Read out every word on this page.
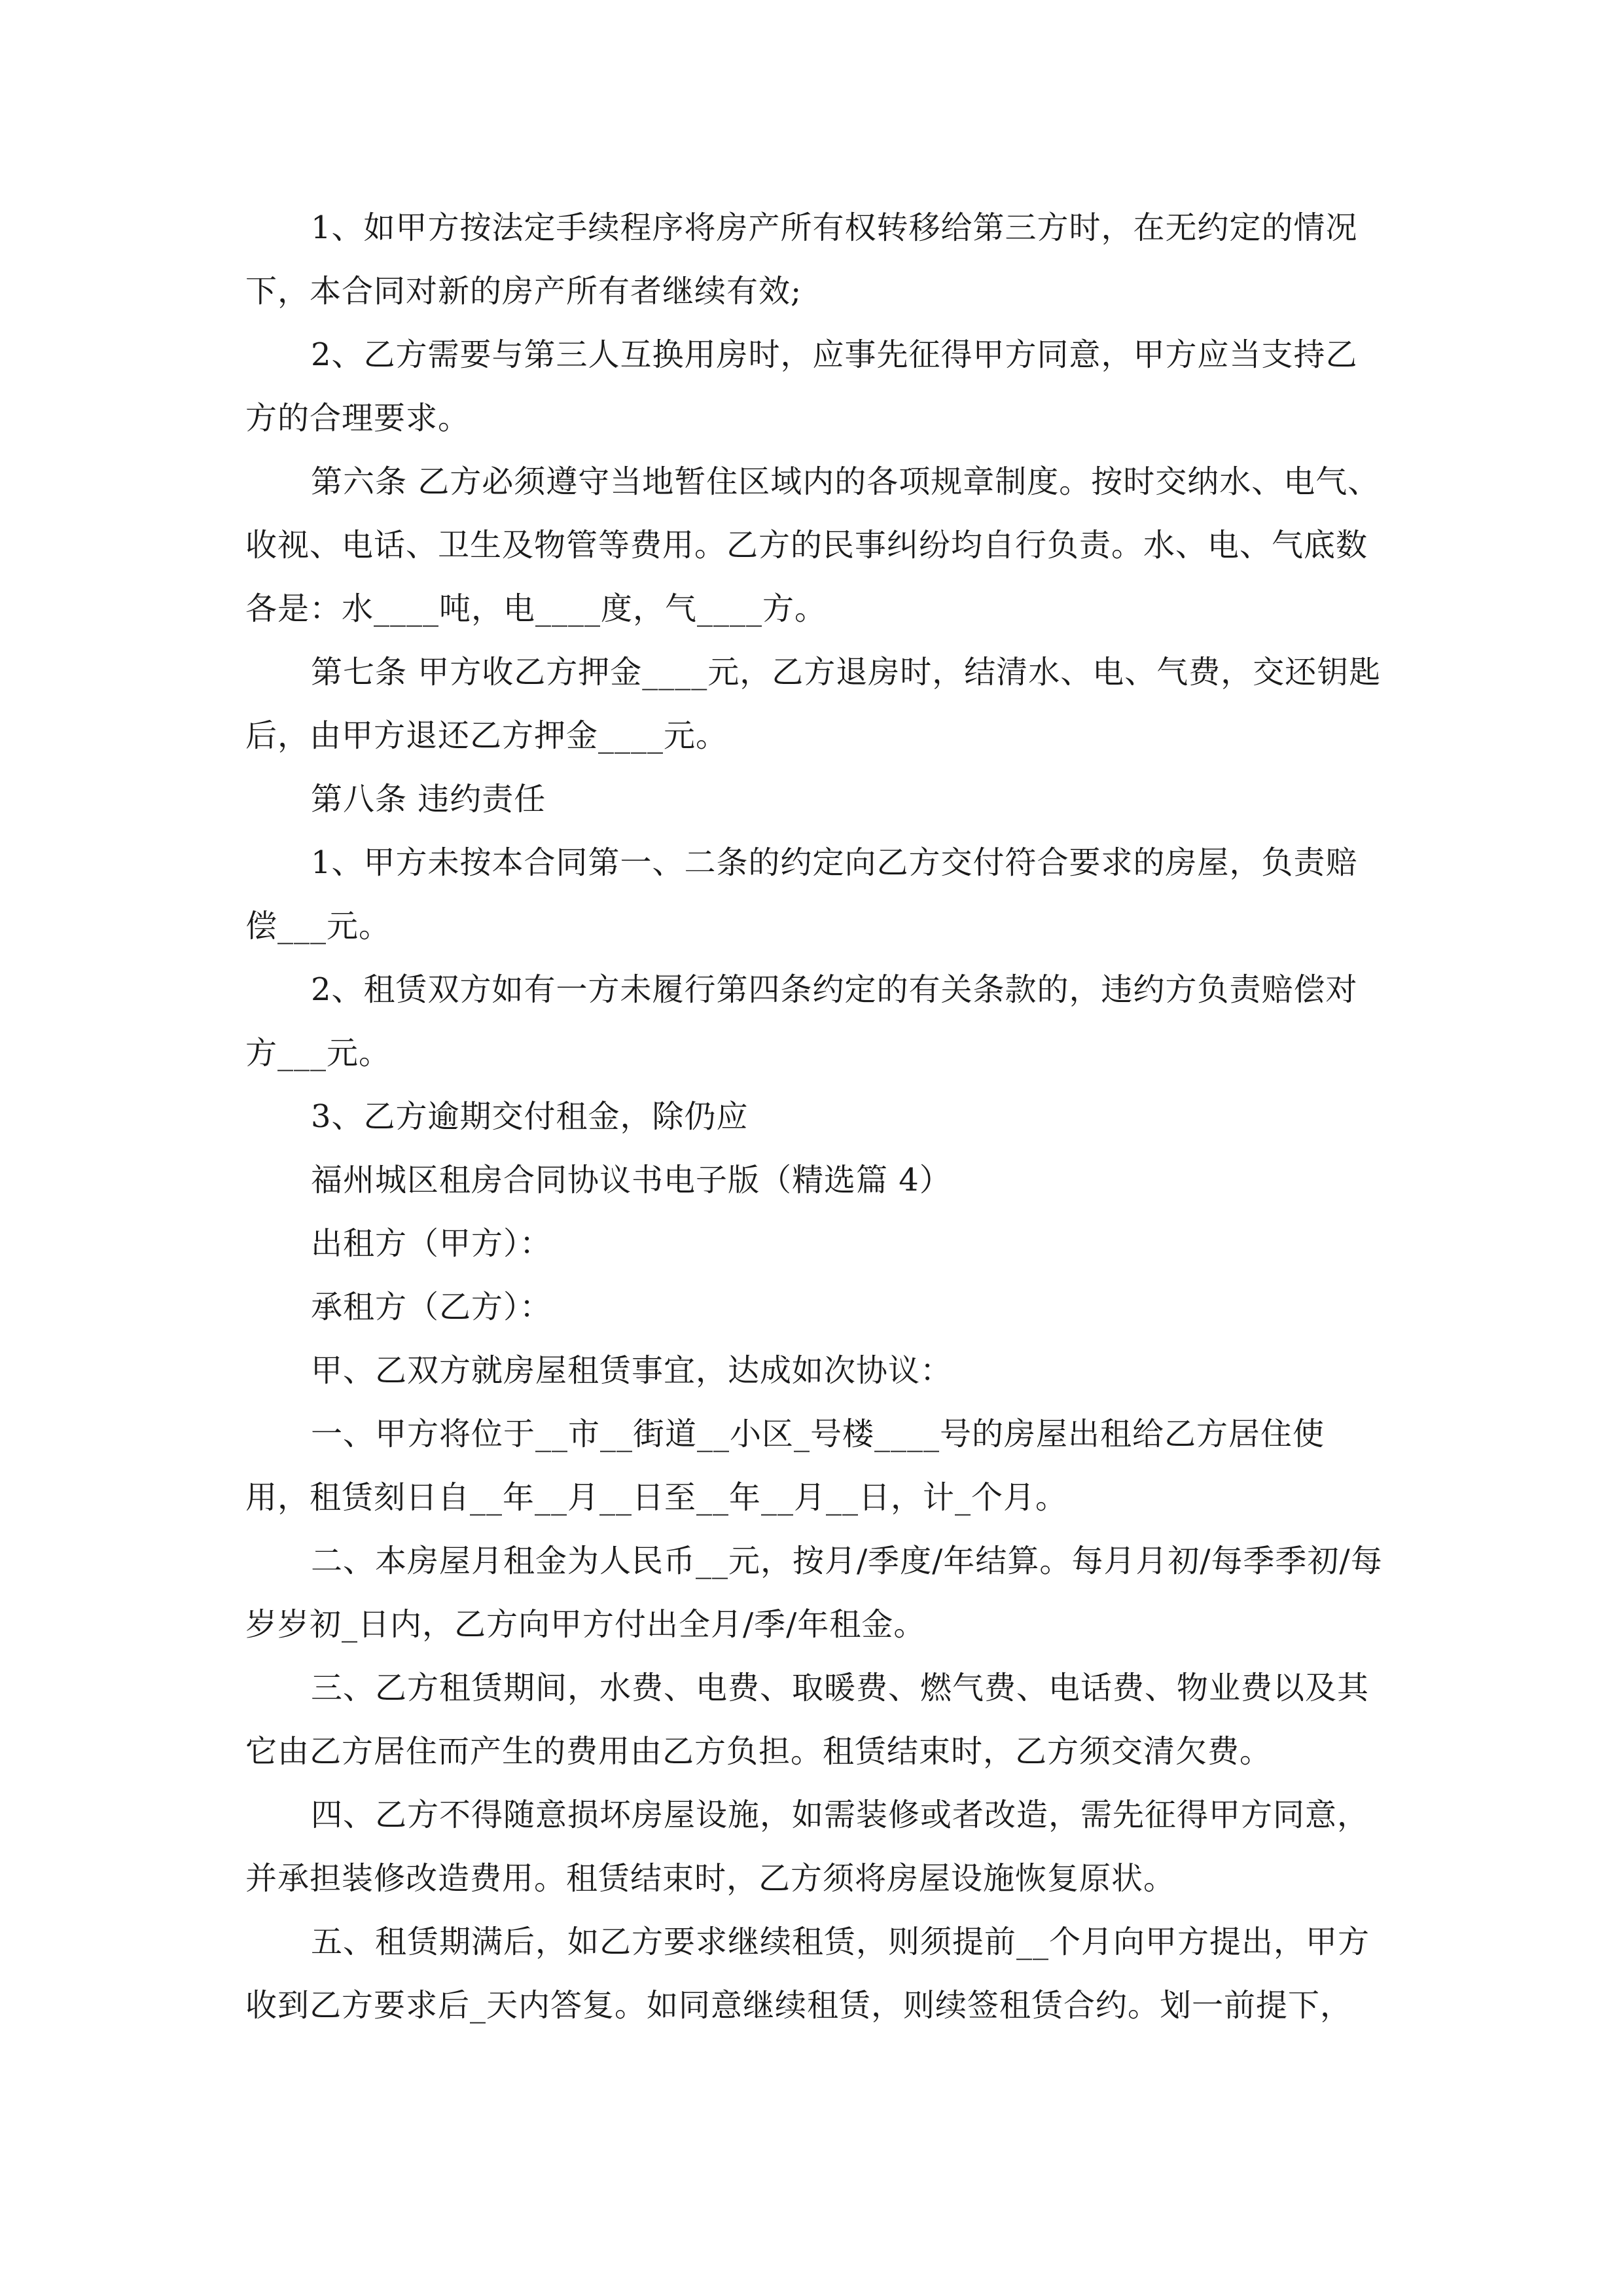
1、如甲方按法定手续程序将房产所有权转移给第三方时，在无约定的情况下，本合同对新的房产所有者继续有效;

2、乙方需要与第三人互换用房时，应事先征得甲方同意，甲方应当支持乙方的合理要求。

第六条 乙方必须遵守当地暂住区域内的各项规章制度。按时交纳水、电气、收视、电话、卫生及物管等费用。乙方的民事纠纷均自行负责。水、电、气底数各是：水____吨，电____度，气____方。

第七条 甲方收乙方押金____元，乙方退房时，结清水、电、气费，交还钥匙后，由甲方退还乙方押金____元。

第八条 违约责任

1、甲方未按本合同第一、二条的约定向乙方交付符合要求的房屋，负责赔偿___元。

2、租赁双方如有一方未履行第四条约定的有关条款的，违约方负责赔偿对方___元。

3、乙方逾期交付租金，除仍应

福州城区租房合同协议书电子版（精选篇 4）

出租方（甲方）：

承租方（乙方）：

甲、乙双方就房屋租赁事宜，达成如次协议：

一、甲方将位于__市__街道__小区_号楼____号的房屋出租给乙方居住使用，租赁刻日自__年__月__日至__年__月__日，计_个月。

二、本房屋月租金为人民币__元，按月/季度/年结算。每月月初/每季季初/每岁岁初_日内，乙方向甲方付出全月/季/年租金。

三、乙方租赁期间，水费、电费、取暖费、燃气费、电话费、物业费以及其它由乙方居住而产生的费用由乙方负担。租赁结束时，乙方须交清欠费。

四、乙方不得随意损坏房屋设施，如需装修或者改造，需先征得甲方同意，并承担装修改造费用。租赁结束时，乙方须将房屋设施恢复原状。

五、租赁期满后，如乙方要求继续租赁，则须提前__个月向甲方提出，甲方收到乙方要求后_天内答复。如同意继续租赁，则续签租赁合约。划一前提下，
